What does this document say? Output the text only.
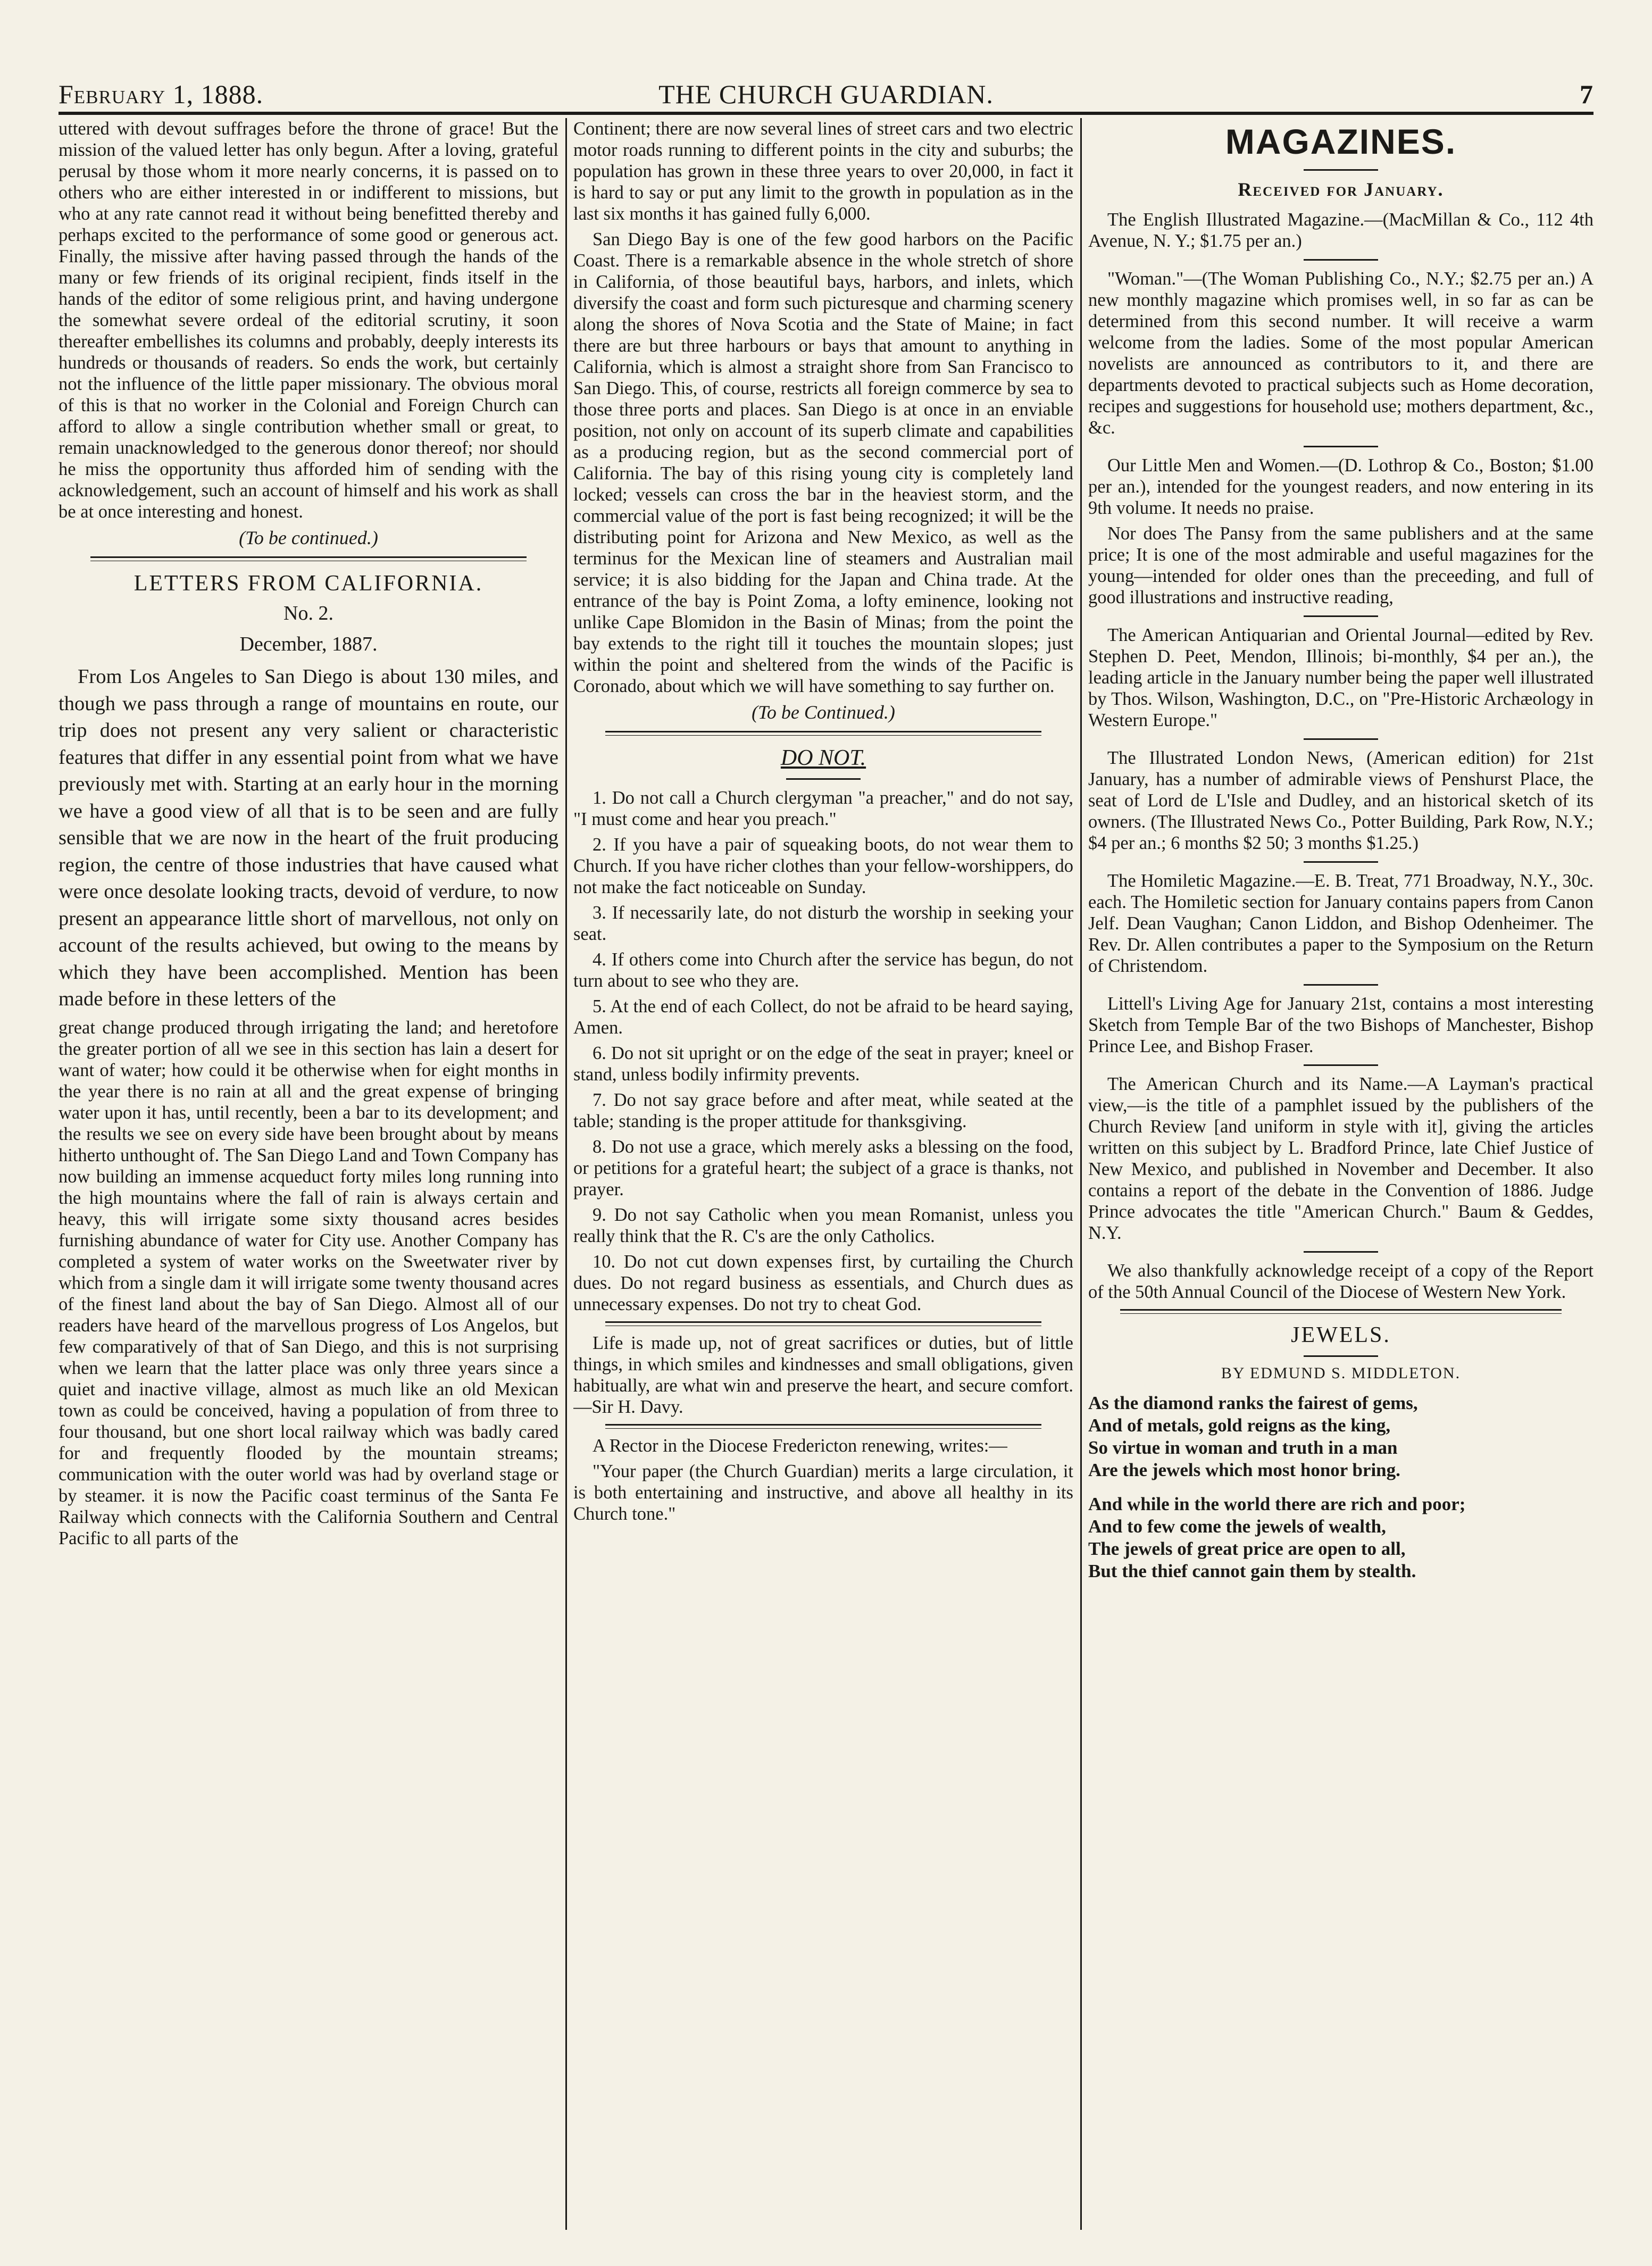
February 1, 1888.	THE CHURCH GUARDIAN.	7

uttered with devout suffrages before the throne of grace! But the mission of the valued letter has only begun. After a loving, grateful perusal by those whom it more nearly concerns, it is passed on to others who are either interested in or indifferent to missions, but who at any rate cannot read it without being benefitted thereby and perhaps excited to the performance of some good or generous act. Finally, the missive after having passed through the hands of the many or few friends of its original recipient, finds itself in the hands of the editor of some religious print, and having undergone the somewhat severe ordeal of the editorial scrutiny, it soon thereafter embellishes its columns and probably, deeply interests its hundreds or thousands of readers. So ends the work, but certainly not the influence of the little paper missionary. The obvious moral of this is that no worker in the Colonial and Foreign Church can afford to allow a single contribution whether small or great, to remain unacknowledged to the generous donor thereof; nor should he miss the opportunity thus afforded him of sending with the acknowledgement, such an account of himself and his work as shall be at once interesting and honest.

(To be continued.)
LETTERS FROM CALIFORNIA.
No. 2.
December, 1887.

From Los Angeles to San Diego is about 130 miles, and though we pass through a range of mountains en route, our trip does not present any very salient or characteristic features that differ in any essential point from what we have previously met with. Starting at an early hour in the morning we have a good view of all that is to be seen and are fully sensible that we are now in the heart of the fruit producing region, the centre of those industries that have caused what were once desolate looking tracts, devoid of verdure, to now present an appearance little short of marvellous, not only on account of the results achieved, but owing to the means by which they have been accomplished. Mention has been made before in these letters of the

great change produced through irrigating the land; and heretofore the greater portion of all we see in this section has lain a desert for want of water; how could it be otherwise when for eight months in the year there is no rain at all and the great expense of bringing water upon it has, until recently, been a bar to its development; and the results we see on every side have been brought about by means hitherto unthought of. The San Diego Land and Town Company has now building an immense acqueduct forty miles long running into the high mountains where the fall of rain is always certain and heavy, this will irrigate some sixty thousand acres besides furnishing abundance of water for City use. Another Company has completed a system of water works on the Sweetwater river by which from a single dam it will irrigate some twenty thousand acres of the finest land about the bay of San Diego. Almost all of our readers have heard of the marvellous progress of Los Angelos, but few comparatively of that of San Diego, and this is not surprising when we learn that the latter place was only three years since a quiet and inactive village, almost as much like an old Mexican town as could be conceived, having a population of from three to four thousand, but one short local railway which was badly cared for and frequently flooded by the mountain streams; communication with the outer world was had by overland stage or by steamer. it is now the Pacific coast terminus of the Santa Fe Railway which connects with the California Southern and Central Pacific to all parts of the

Continent; there are now several lines of street cars and two electric motor roads running to different points in the city and suburbs; the population has grown in these three years to over 20,000, in fact it is hard to say or put any limit to the growth in population as in the last six months it has gained fully 6,000.

San Diego Bay is one of the few good harbors on the Pacific Coast. There is a remarkable absence in the whole stretch of shore in California, of those beautiful bays, harbors, and inlets, which diversify the coast and form such picturesque and charming scenery along the shores of Nova Scotia and the State of Maine; in fact there are but three harbours or bays that amount to anything in California, which is almost a straight shore from San Francisco to San Diego. This, of course, restricts all foreign commerce by sea to those three ports and places. San Diego is at once in an enviable position, not only on account of its superb climate and capabilities as a producing region, but as the second commercial port of California. The bay of this rising young city is completely land locked; vessels can cross the bar in the heaviest storm, and the commercial value of the port is fast being recognized; it will be the distributing point for Arizona and New Mexico, as well as the terminus for the Mexican line of steamers and Australian mail service; it is also bidding for the Japan and China trade. At the entrance of the bay is Point Zoma, a lofty eminence, looking not unlike Cape Blomidon in the Basin of Minas; from the point the bay extends to the right till it touches the mountain slopes; just within the point and sheltered from the winds of the Pacific is Coronado, about which we will have something to say further on.

(To be Continued.)
DO NOT.

1. Do not call a Church clergyman "a preacher," and do not say, "I must come and hear you preach."

2. If you have a pair of squeaking boots, do not wear them to Church. If you have richer clothes than your fellow-worshippers, do not make the fact noticeable on Sunday.

3. If necessarily late, do not disturb the worship in seeking your seat.

4. If others come into Church after the service has begun, do not turn about to see who they are.

5. At the end of each Collect, do not be afraid to be heard saying, Amen.

6. Do not sit upright or on the edge of the seat in prayer; kneel or stand, unless bodily infirmity prevents.

7. Do not say grace before and after meat, while seated at the table; standing is the proper attitude for thanksgiving.

8. Do not use a grace, which merely asks a blessing on the food, or petitions for a grateful heart; the subject of a grace is thanks, not prayer.

9. Do not say Catholic when you mean Romanist, unless you really think that the R. C's are the only Catholics.

10. Do not cut down expenses first, by curtailing the Church dues. Do not regard business as essentials, and Church dues as unnecessary expenses. Do not try to cheat God.

Life is made up, not of great sacrifices or duties, but of little things, in which smiles and kindnesses and small obligations, given habitually, are what win and preserve the heart, and secure comfort.—Sir H. Davy.

A Rector in the Diocese Fredericton renewing, writes:—

"Your paper (the Church Guardian) merits a large circulation, it is both entertaining and instructive, and above all healthy in its Church tone."

MAGAZINES.
Received for January.

The English Illustrated Magazine.—(MacMillan & Co., 112 4th Avenue, N. Y.; $1.75 per an.)

"Woman."—(The Woman Publishing Co., N.Y.; $2.75 per an.) A new monthly magazine which promises well, in so far as can be determined from this second number. It will receive a warm welcome from the ladies. Some of the most popular American novelists are announced as contributors to it, and there are departments devoted to practical subjects such as Home decoration, recipes and suggestions for household use; mothers department, &c., &c.

Our Little Men and Women.—(D. Lothrop & Co., Boston; $1.00 per an.), intended for the youngest readers, and now entering in its 9th volume. It needs no praise.

Nor does The Pansy from the same publishers and at the same price; It is one of the most admirable and useful magazines for the young—intended for older ones than the preceeding, and full of good illustrations and instructive reading,

The American Antiquarian and Oriental Journal—edited by Rev. Stephen D. Peet, Mendon, Illinois; bi-monthly, $4 per an.), the leading article in the January number being the paper well illustrated by Thos. Wilson, Washington, D.C., on "Pre-Historic Archæology in Western Europe."

The Illustrated London News, (American edition) for 21st January, has a number of admirable views of Penshurst Place, the seat of Lord de L'Isle and Dudley, and an historical sketch of its owners. (The Illustrated News Co., Potter Building, Park Row, N.Y.; $4 per an.; 6 months $2 50; 3 months $1.25.)

The Homiletic Magazine.—E. B. Treat, 771 Broadway, N.Y., 30c. each. The Homiletic section for January contains papers from Canon Jelf. Dean Vaughan; Canon Liddon, and Bishop Odenheimer. The Rev. Dr. Allen contributes a paper to the Symposium on the Return of Christendom.

Littell's Living Age for January 21st, contains a most interesting Sketch from Temple Bar of the two Bishops of Manchester, Bishop Prince Lee, and Bishop Fraser.

The American Church and its Name.—A Layman's practical view,—is the title of a pamphlet issued by the publishers of the Church Review [and uniform in style with it], giving the articles written on this subject by L. Bradford Prince, late Chief Justice of New Mexico, and published in November and December. It also contains a report of the debate in the Convention of 1886. Judge Prince advocates the title "American Church." Baum & Geddes, N.Y.

We also thankfully acknowledge receipt of a copy of the Report of the 50th Annual Council of the Diocese of Western New York.

JEWELS.
BY EDMUND S. MIDDLETON.
As the diamond ranks the fairest of gems,
And of metals, gold reigns as the king,
So virtue in woman and truth in a man
Are the jewels which most honor bring.
And while in the world there are rich and poor;
And to few come the jewels of wealth,
The jewels of great price are open to all,
But the thief cannot gain them by stealth.
